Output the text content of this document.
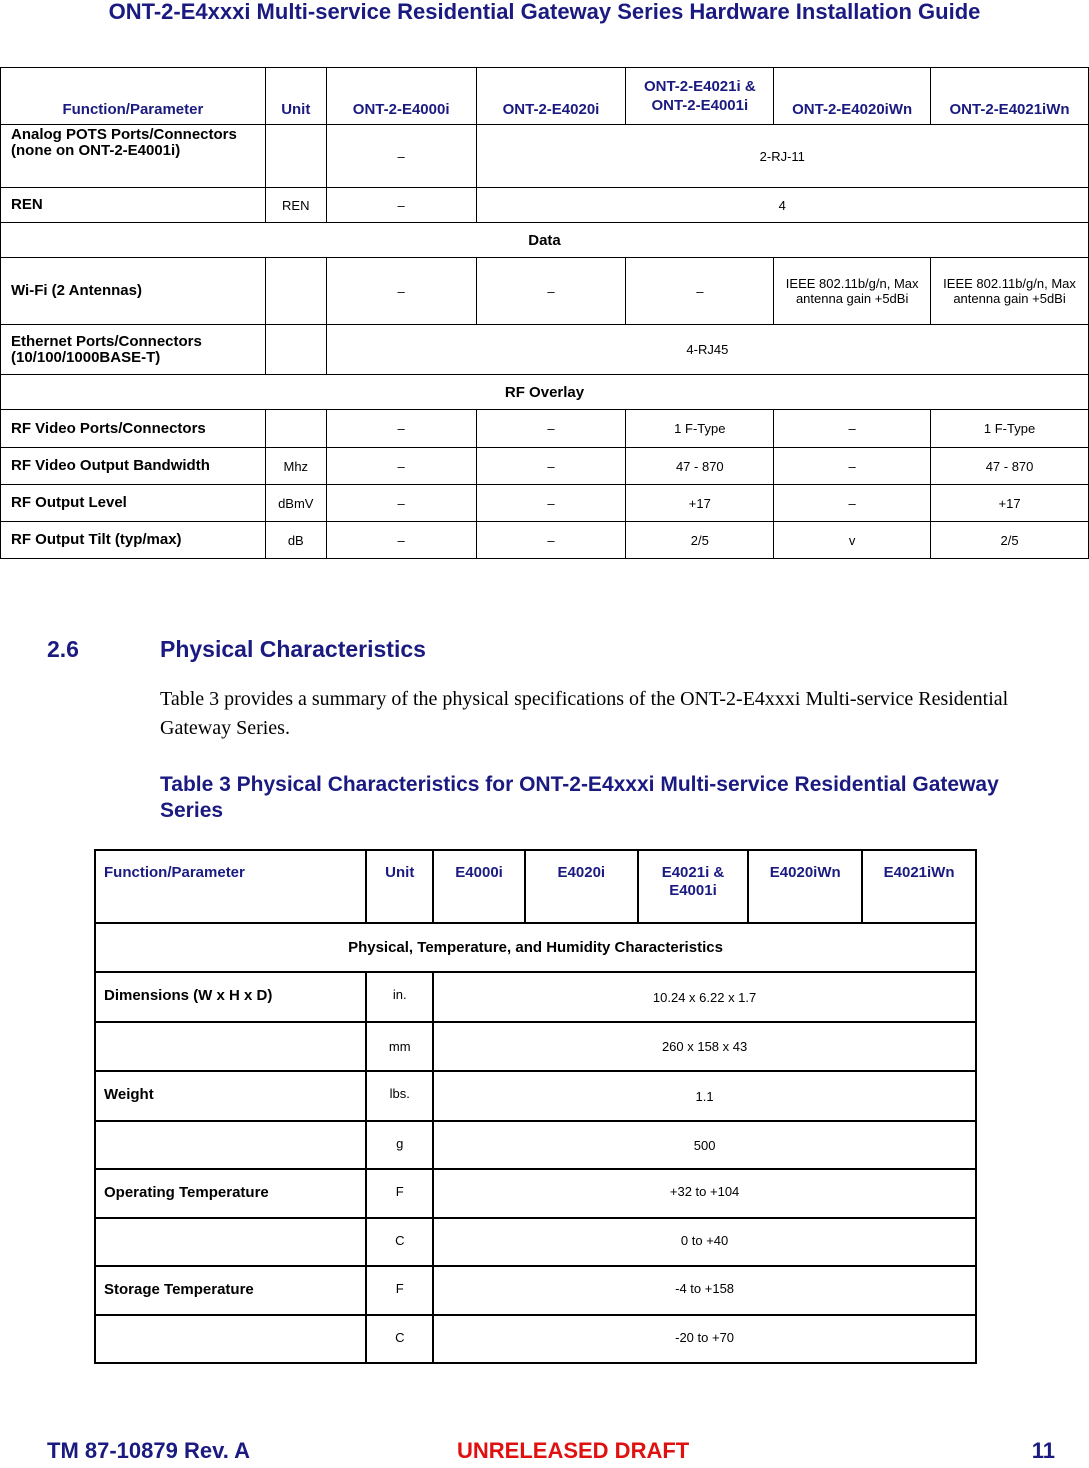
ONT-2-E4xxxi Multi-service Residential Gateway Series Hardware Installation Guide
Function/Parameter	Unit	ONT-2-E4000i	ONT-2-E4020i	ONT-2-E4021i & ONT-2-E4001i	ONT-2-E4020iWn	ONT-2-E4021iWn
Analog POTS Ports/Connectors (none on ONT-2-E4001i)		–	2-RJ-11			
REN	REN	–	4			
Data						
Wi-Fi (2 Antennas)		–	–	–	IEEE 802.11b/g/n, Max antenna gain +5dBi	IEEE 802.11b/g/n, Max antenna gain +5dBi
Ethernet Ports/Connectors (10/100/1000BASE-T)		4-RJ45				
RF Overlay						
RF Video Ports/Connectors		–	–	1 F-Type	–	1 F-Type
RF Video Output Bandwidth	Mhz	–	–	47 - 870	–	47 - 870
RF Output Level	dBmV	–	–	+17	–	+17
RF Output Tilt (typ/max)	dB	–	–	2/5	v	2/5
2.6	Physical Characteristics
Table 3 provides a summary of the physical specifications of the ONT-2-E4xxxi Multi-service Residential Gateway Series.
Table 3 Physical Characteristics for ONT-2-E4xxxi Multi-service Residential Gateway Series
Function/Parameter	Unit	E4000i	E4020i	E4021i & E4001i	E4020iWn	E4021iWn
Physical, Temperature, and Humidity Characteristics						
Dimensions (W x H x D)	in.	10.24 x 6.22 x 1.7				
	mm	260 x 158 x 43				
Weight	lbs.	1.1				
	g	500				
Operating Temperature	F	+32 to +104				
	C	0 to +40				
Storage Temperature	F	-4 to +158				
	C	-20 to +70				
TM 87-10879 Rev. A	UNRELEASED DRAFT	11
